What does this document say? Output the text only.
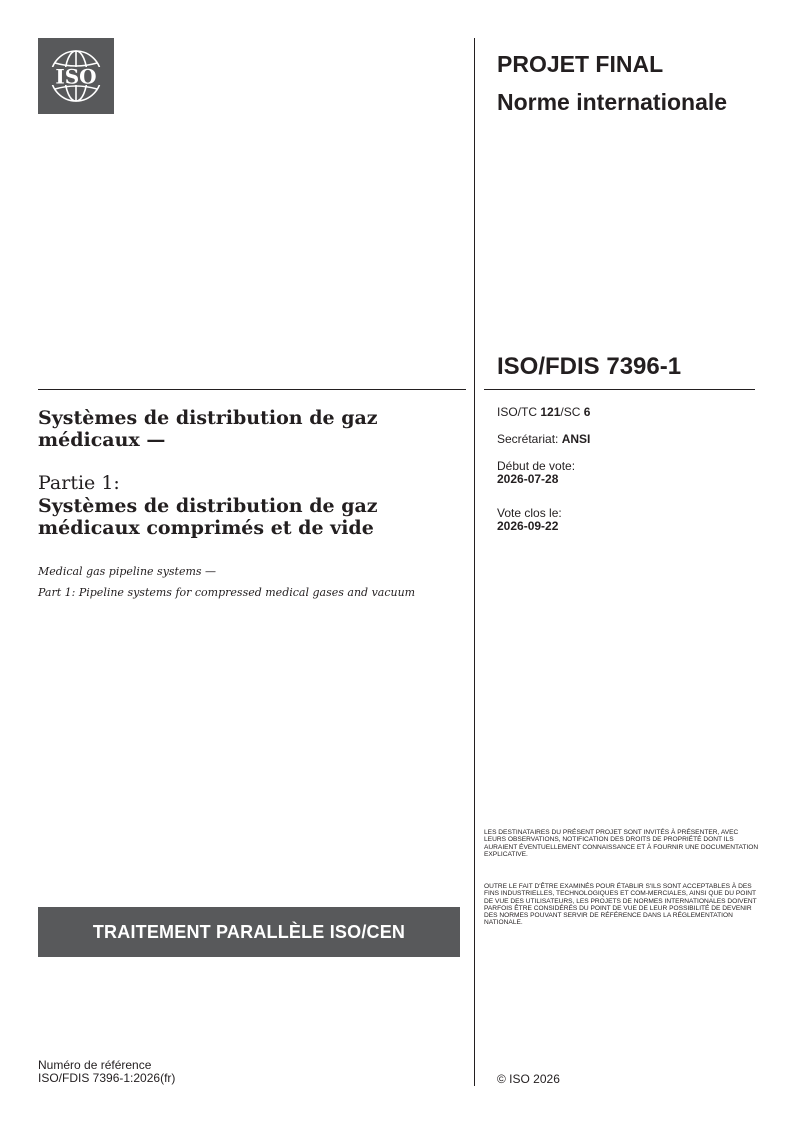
ISO	PROJET FINAL
Norme internationale
ISO/FDIS 7396-1
ISO/TC 121/SC 6
Secrétariat: ANSI
Début de vote:
2026-07-28
Vote clos le:
2026-09-22
Systèmes de distribution de gaz médicaux —
Partie 1:
Systèmes de distribution de gaz médicaux comprimés et de vide
Medical gas pipeline systems —
Part 1: Pipeline systems for compressed medical gases and vacuum
LES DESTINATAIRES DU PRÉSENT PROJET SONT INVITÉS À PRÉSENTER, AVEC LEURS OBSERVATIONS, NOTIFICATION DES DROITS DE PROPRIÉTÉ DONT ILS AURAIENT ÉVENTUELLEMENT CONNAISSANCE ET À FOURNIR UNE DOCUMENTATION EXPLICATIVE.
OUTRE LE FAIT D'ÊTRE EXAMINÉS POUR ÉTABLIR S'ILS SONT ACCEPTABLES À DES FINS INDUSTRIELLES, TECHNOLOGIQUES ET COM-MERCIALES, AINSI QUE DU POINT DE VUE DES UTILISATEURS, LES PROJETS DE NORMES INTERNATIONALES DOIVENT PARFOIS ÊTRE CONSIDÉRÉS DU POINT DE VUE DE LEUR POSSIBILITÉ DE DEVENIR DES NORMES POUVANT SERVIR DE RÉFÉRENCE DANS LA RÉGLEMENTATION NATIONALE.
TRAITEMENT PARALLÈLE ISO/CEN
Numéro de référence
ISO/FDIS 7396-1:2026(fr)	© ISO 2026
